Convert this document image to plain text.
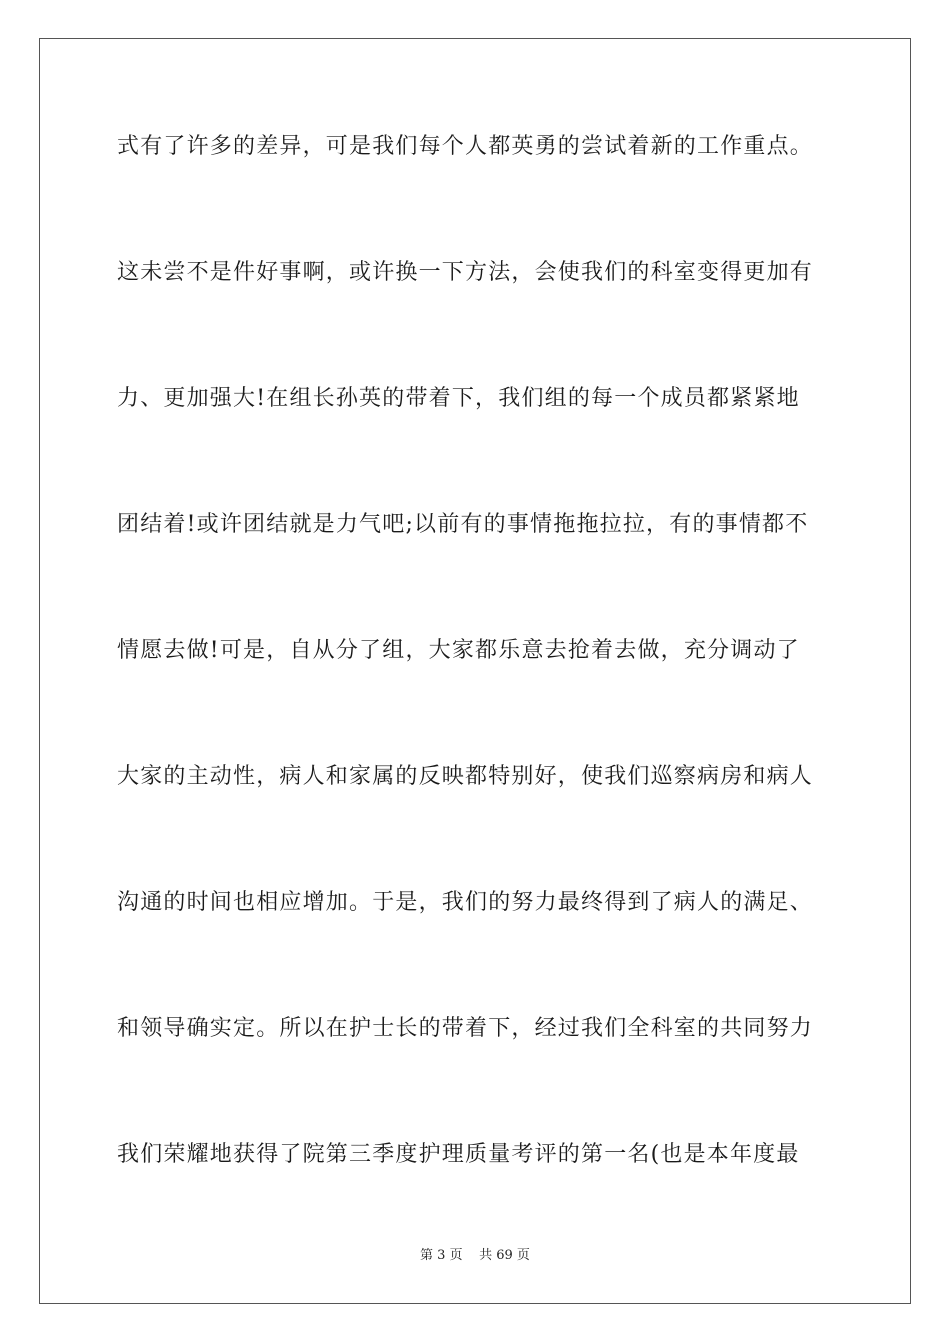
式有了许多的差异，可是我们每个人都英勇的尝试着新的工作重点。
这未尝不是件好事啊，或许换一下方法，会使我们的科室变得更加有
力、更加强大!在组长孙英的带着下，我们组的每一个成员都紧紧地
团结着!或许团结就是力气吧;以前有的事情拖拖拉拉，有的事情都不
情愿去做!可是，自从分了组，大家都乐意去抢着去做，充分调动了
大家的主动性，病人和家属的反映都特别好，使我们巡察病房和病人
沟通的时间也相应增加。于是，我们的努力最终得到了病人的满足、
和领导确实定。所以在护士长的带着下，经过我们全科室的共同努力
我们荣耀地获得了院第三季度护理质量考评的第一名(也是本年度最
第 3 页 共 69 页
